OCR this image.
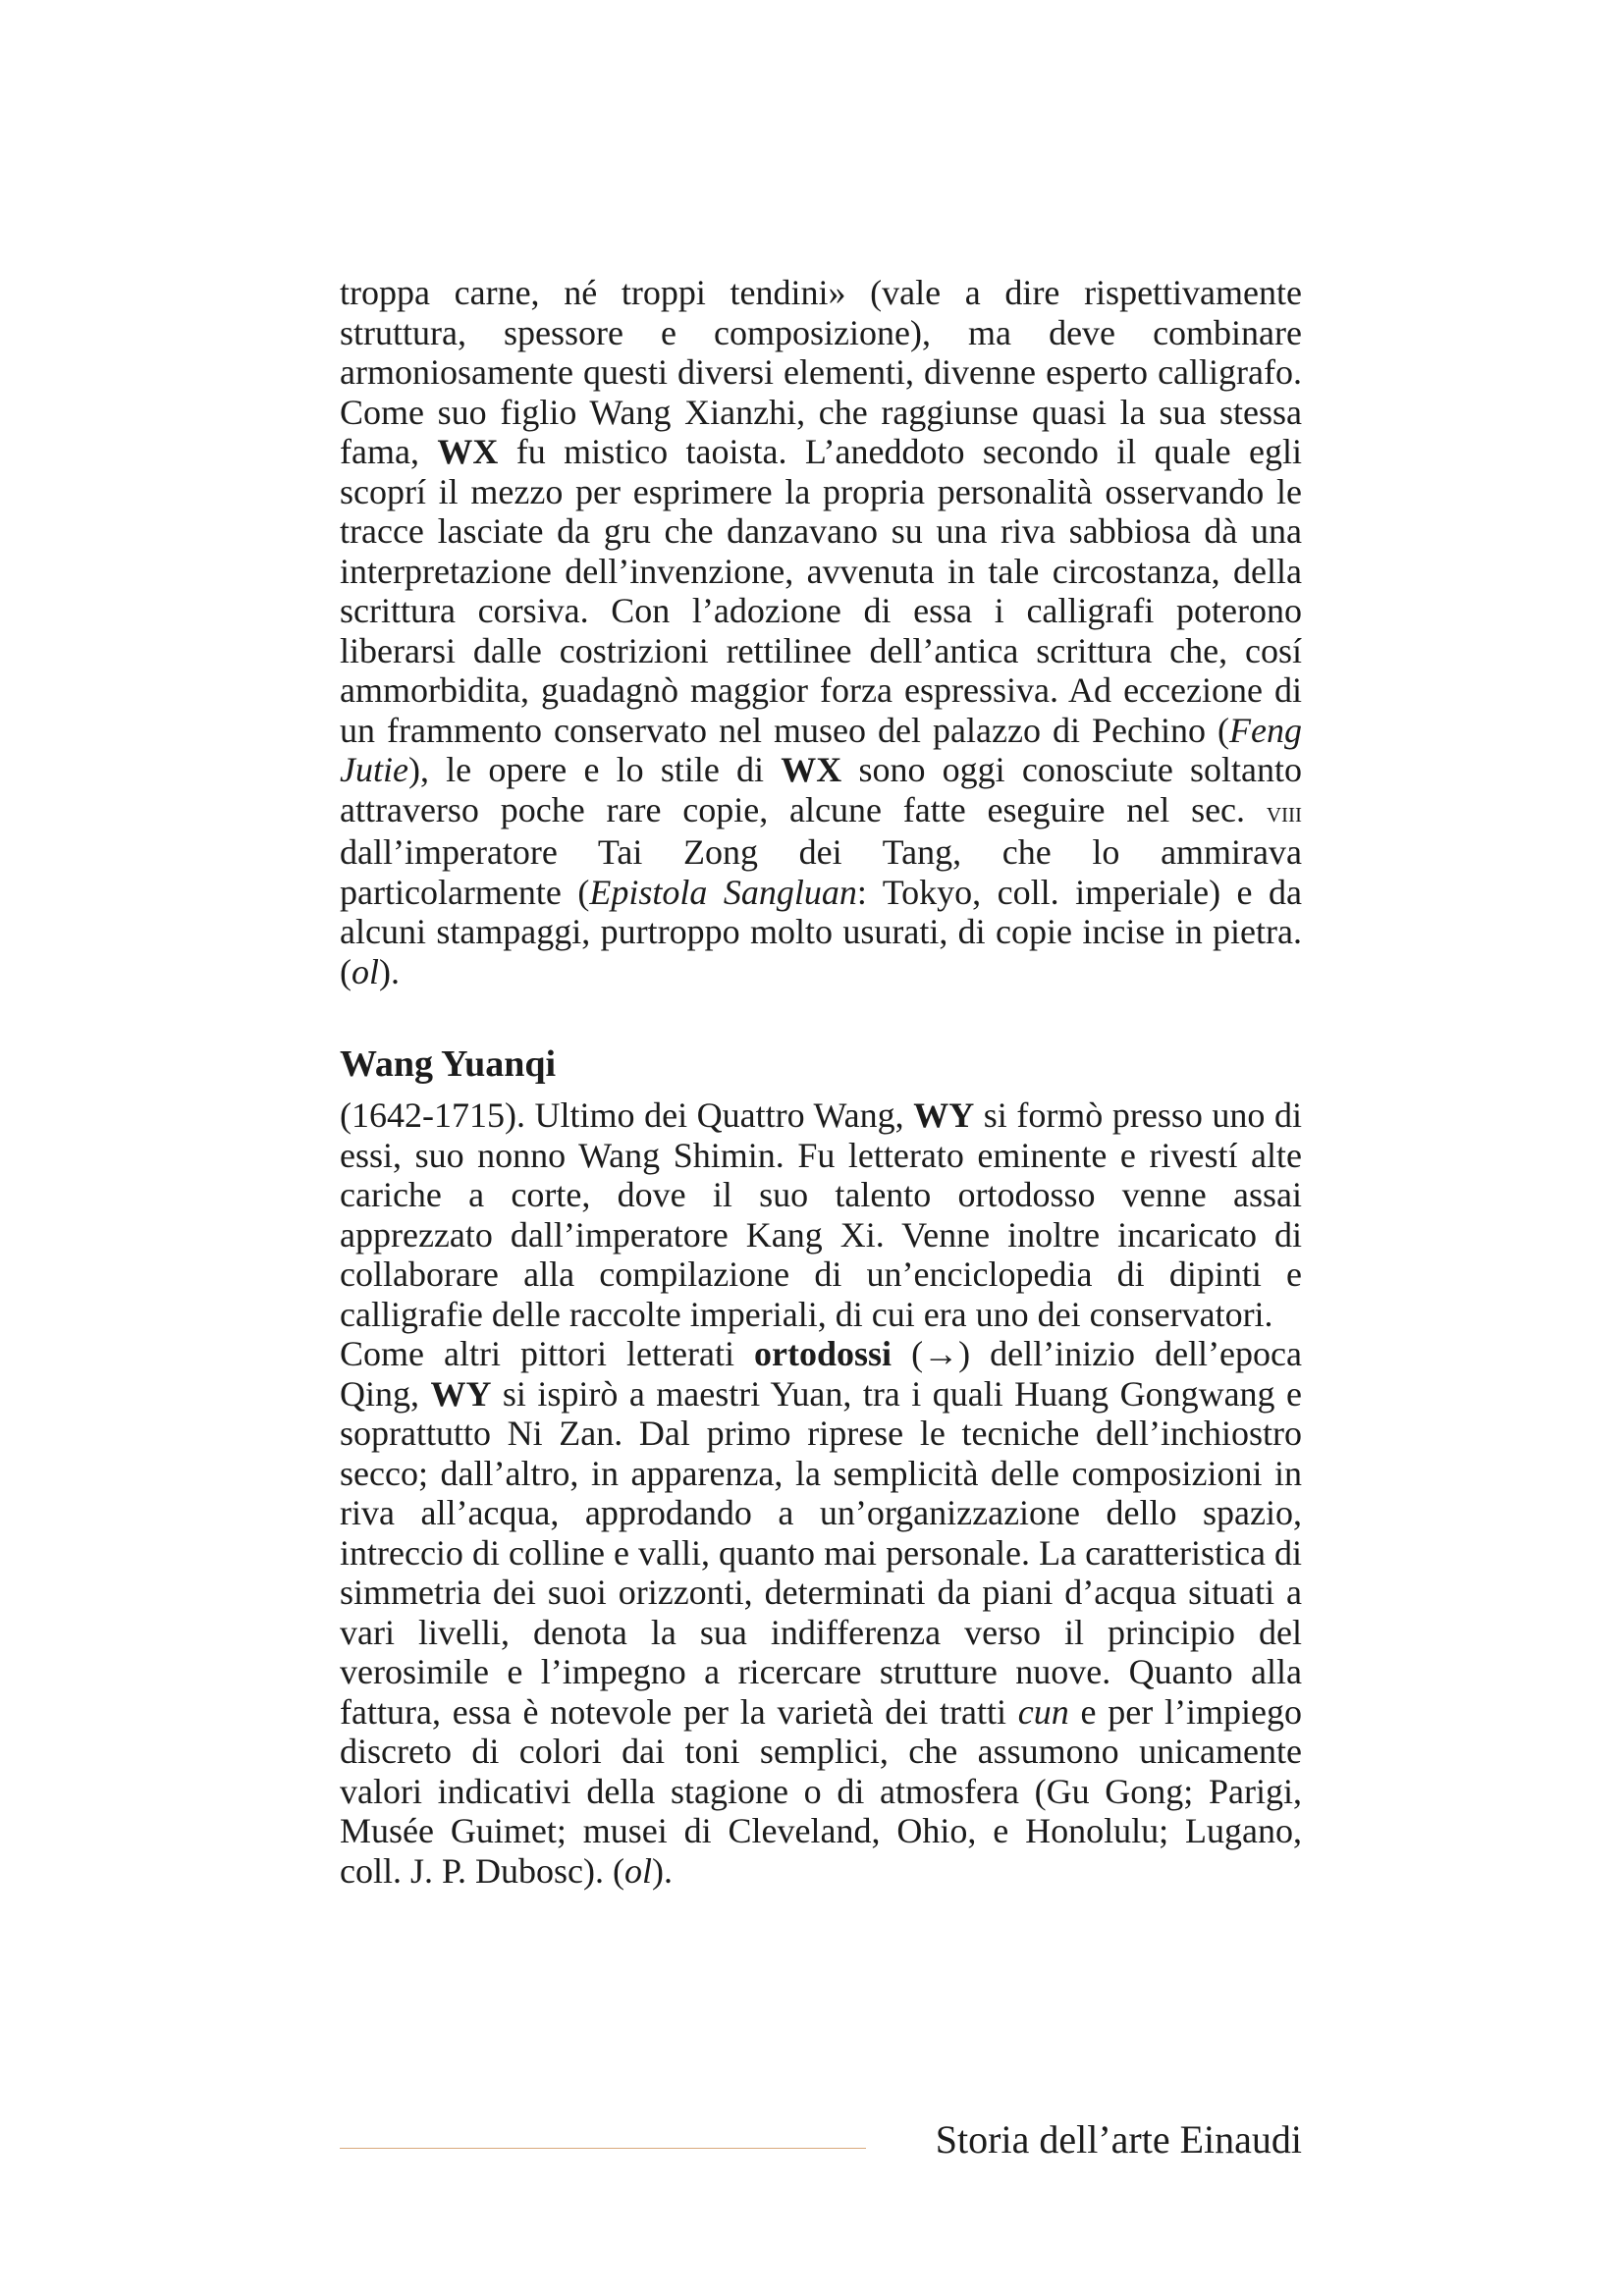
troppa carne, né troppi tendini» (vale a dire rispettivamente struttura, spessore e composizione), ma deve combinare armoniosamente questi diversi elementi, divenne esperto calligrafo. Come suo figlio Wang Xianzhi, che raggiunse quasi la sua stessa fama, WX fu mistico taoista. L’aneddoto secondo il quale egli scoprí il mezzo per esprimere la propria personalità osservando le tracce lasciate da gru che danzavano su una riva sabbiosa dà una interpretazione dell’invenzione, avvenuta in tale circostanza, della scrittura corsiva. Con l’adozione di essa i calligrafi poterono liberarsi dalle costrizioni rettilinee dell’antica scrittura che, cosí ammorbidita, guadagnò maggior forza espressiva. Ad eccezione di un frammento conservato nel museo del palazzo di Pechino (Feng Jutie), le opere e lo stile di WX sono oggi conosciute soltanto attraverso poche rare copie, alcune fatte eseguire nel sec. viii dall’imperatore Tai Zong dei Tang, che lo ammirava particolarmente (Epistola Sangluan: Tokyo, coll. imperiale) e da alcuni stampaggi, purtroppo molto usurati, di copie incise in pietra. (ol).

Wang Yuanqi

(1642-1715). Ultimo dei Quattro Wang, WY si formò presso uno di essi, suo nonno Wang Shimin. Fu letterato eminente e rivestí alte cariche a corte, dove il suo talento ortodosso venne assai apprezzato dall’imperatore Kang Xi. Venne inoltre incaricato di collaborare alla compilazione di un’enciclopedia di dipinti e calligrafie delle raccolte imperiali, di cui era uno dei conservatori.

Come altri pittori letterati ortodossi (→) dell’inizio dell’epoca Qing, WY si ispirò a maestri Yuan, tra i quali Huang Gongwang e soprattutto Ni Zan. Dal primo riprese le tecniche dell’inchiostro secco; dall’altro, in apparenza, la semplicità delle composizioni in riva all’acqua, approdando a un’organizzazione dello spazio, intreccio di colline e valli, quanto mai personale. La caratteristica di simmetria dei suoi orizzonti, determinati da piani d’acqua situati a vari livelli, denota la sua indifferenza verso il principio del verosimile e l’impegno a ricercare strutture nuove. Quanto alla fattura, essa è notevole per la varietà dei tratti cun e per l’impiego discreto di colori dai toni semplici, che assumono unicamente valori indicativi della stagione o di atmosfera (Gu Gong; Parigi, Musée Guimet; musei di Cleveland, Ohio, e Honolulu; Lugano, coll. J. P. Dubosc). (ol).

Storia dell’arte Einaudi
